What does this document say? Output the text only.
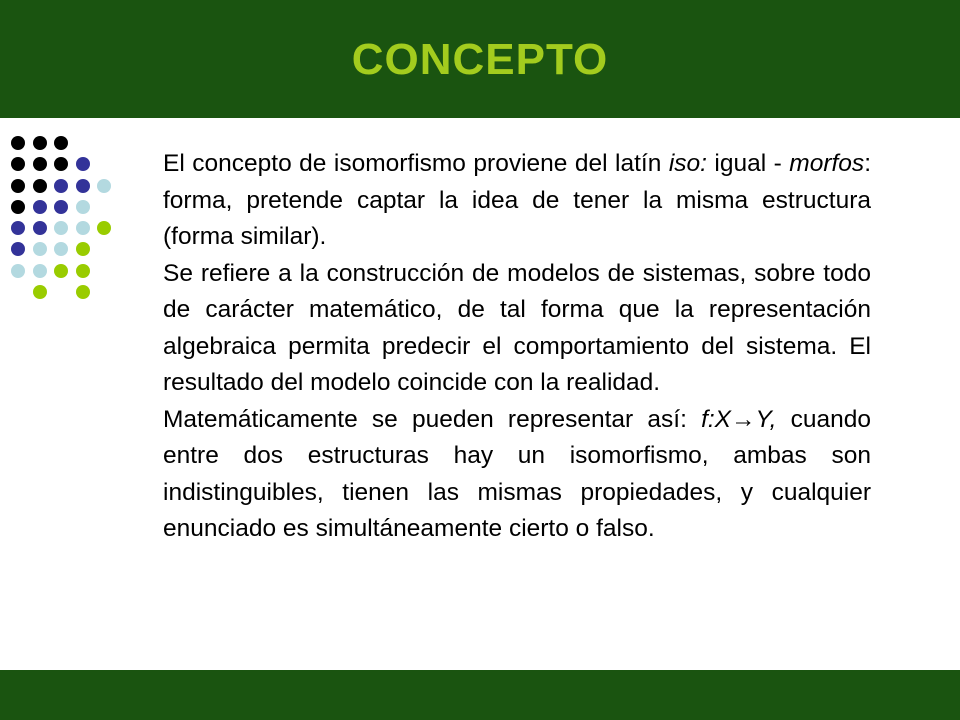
CONCEPTO

El concepto de isomorfismo proviene del latín iso: igual - morfos: forma, pretende captar la idea de tener la misma estructura (forma similar).

Se refiere a la construcción de modelos de sistemas, sobre todo de carácter matemático, de tal forma que la representación algebraica permita predecir el comportamiento del sistema. El resultado del modelo coincide con la realidad.

Matemáticamente se pueden representar así: f:X→Y, cuando entre dos estructuras hay un isomorfismo, ambas son indistinguibles, tienen las mismas propiedades, y cualquier enunciado es simultáneamente cierto o falso.
